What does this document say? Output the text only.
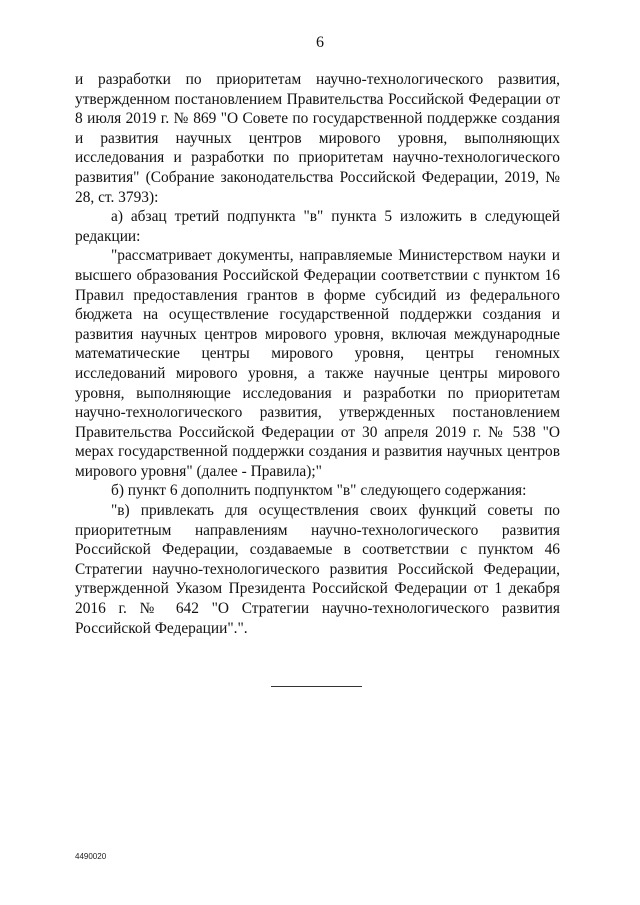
6

и разработки по приоритетам научно-технологического развития, утвержденном постановлением Правительства Российской Федерации от 8 июля 2019 г. № 869 "О Совете по государственной поддержке создания и развития научных центров мирового уровня, выполняющих исследования и разработки по приоритетам научно-технологического развития" (Собрание законодательства Российской Федерации, 2019, № 28, ст. 3793):

а) абзац третий подпункта "в" пункта 5 изложить в следующей редакции:

"рассматривает документы, направляемые Министерством науки и высшего образования Российской Федерации соответствии с пунктом 16 Правил предоставления грантов в форме субсидий из федерального бюджета на осуществление государственной поддержки создания и развития научных центров мирового уровня, включая международные математические центры мирового уровня, центры геномных исследований мирового уровня, а также научные центры мирового уровня, выполняющие исследования и разработки по приоритетам научно-технологического развития, утвержденных постановлением Правительства Российской Федерации от 30 апреля 2019 г. № 538 "О мерах государственной поддержки создания и развития научных центров мирового уровня" (далее - Правила);"

б) пункт 6 дополнить подпунктом "в" следующего содержания:

"в) привлекать для осуществления своих функций советы по приоритетным направлениям научно-технологического развития Российской Федерации, создаваемые в соответствии с пунктом 46 Стратегии научно-технологического развития Российской Федерации, утвержденной Указом Президента Российской Федерации от 1 декабря 2016 г. № 642 "О Стратегии научно-технологического развития Российской Федерации".".

4490020
